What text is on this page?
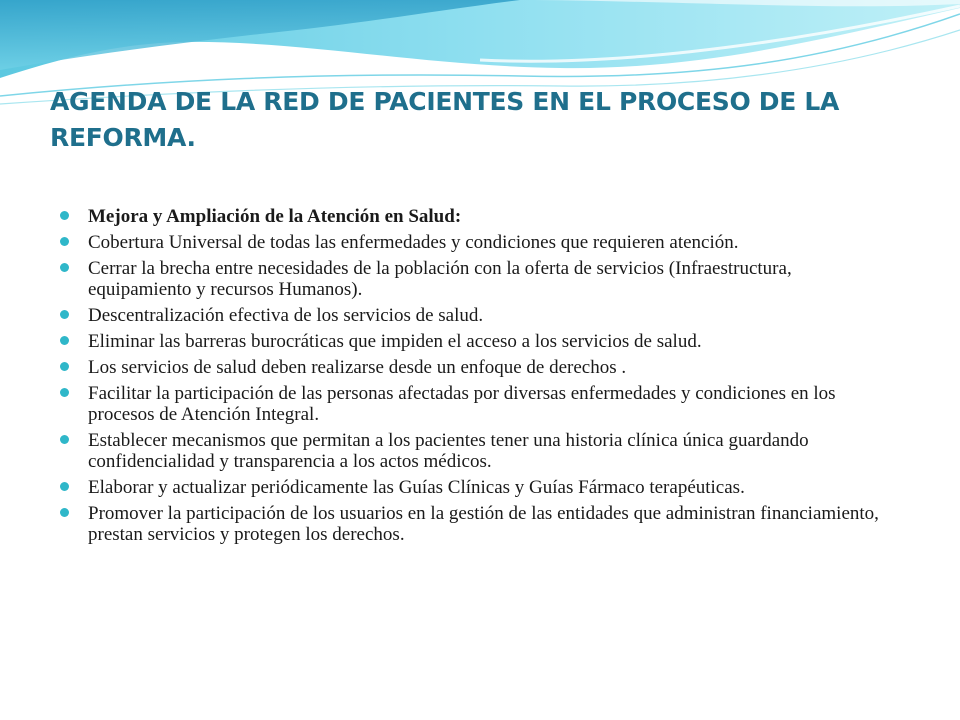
AGENDA DE LA RED DE PACIENTES EN EL PROCESO DE LA REFORMA.
Mejora y Ampliación de la Atención en Salud:
Cobertura Universal de todas las enfermedades y condiciones que requieren atención.
Cerrar la brecha entre necesidades de la población con la oferta de servicios (Infraestructura, equipamiento y recursos Humanos).
Descentralización efectiva de los servicios de salud.
Eliminar las barreras burocráticas que impiden el acceso a los servicios de salud.
Los servicios de salud deben realizarse desde un enfoque de derechos .
Facilitar la participación de las personas afectadas por diversas enfermedades y condiciones en los procesos de Atención Integral.
Establecer mecanismos que permitan a los pacientes tener una historia clínica única guardando confidencialidad y transparencia a los actos médicos.
Elaborar y actualizar periódicamente las Guías Clínicas y Guías Fármaco terapéuticas.
Promover la participación de los usuarios en la gestión de las entidades que administran financiamiento, prestan servicios y protegen los derechos.
